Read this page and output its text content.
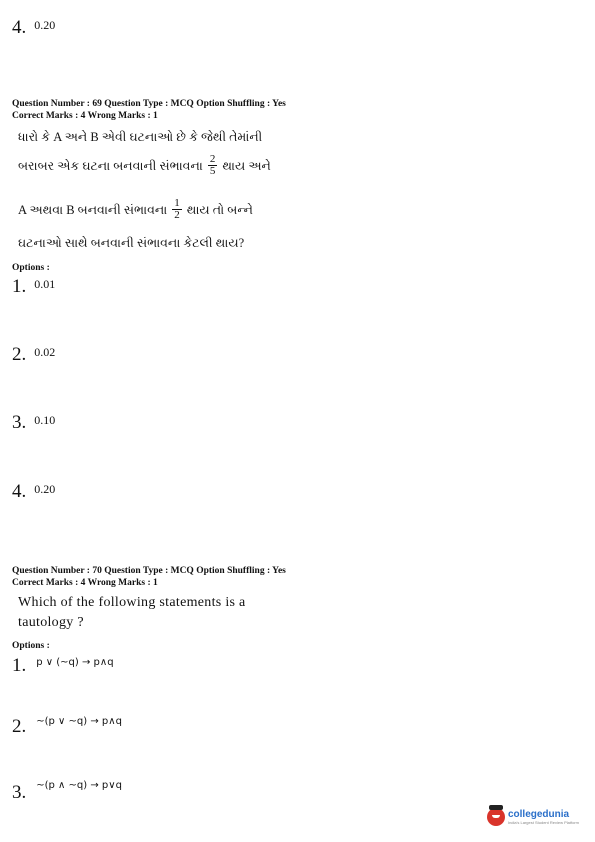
4. $^{0.20}$
Question Number : 69 Question Type : MCQ Option Shuffling : Yes
Correct Marks : 4 Wrong Marks : 1
ધારો કે A અને B એવી ઘટનાઓ છે કે જેથી તેમાંની
બરાબર એક ઘટના બનવાની સંભાવના $\frac{2}{5}$ થાય અને
A અથવા B બનવાની સંભાવના $\frac{1}{2}$ થાય તો બન્ને
ઘટનાઓ સાથે બનવાની સંભાવના કેટલી થાય?
Options :
1. $^{0.01}$
2. $^{0.02}$
3. $^{0.10}$
4. $^{0.20}$
Question Number : 70 Question Type : MCQ Option Shuffling : Yes
Correct Marks : 4 Wrong Marks : 1
Which of the following statements is a
tautology ?
Options :
1. $^{p \vee (\sim q) \to p\wedge q}$
2. $^{\sim(p \vee \sim q) \to p\wedge q}$
3. $^{\sim(p \wedge \sim q) \to p\vee q}$
collegedunia
India's Largest Student Review Platform
